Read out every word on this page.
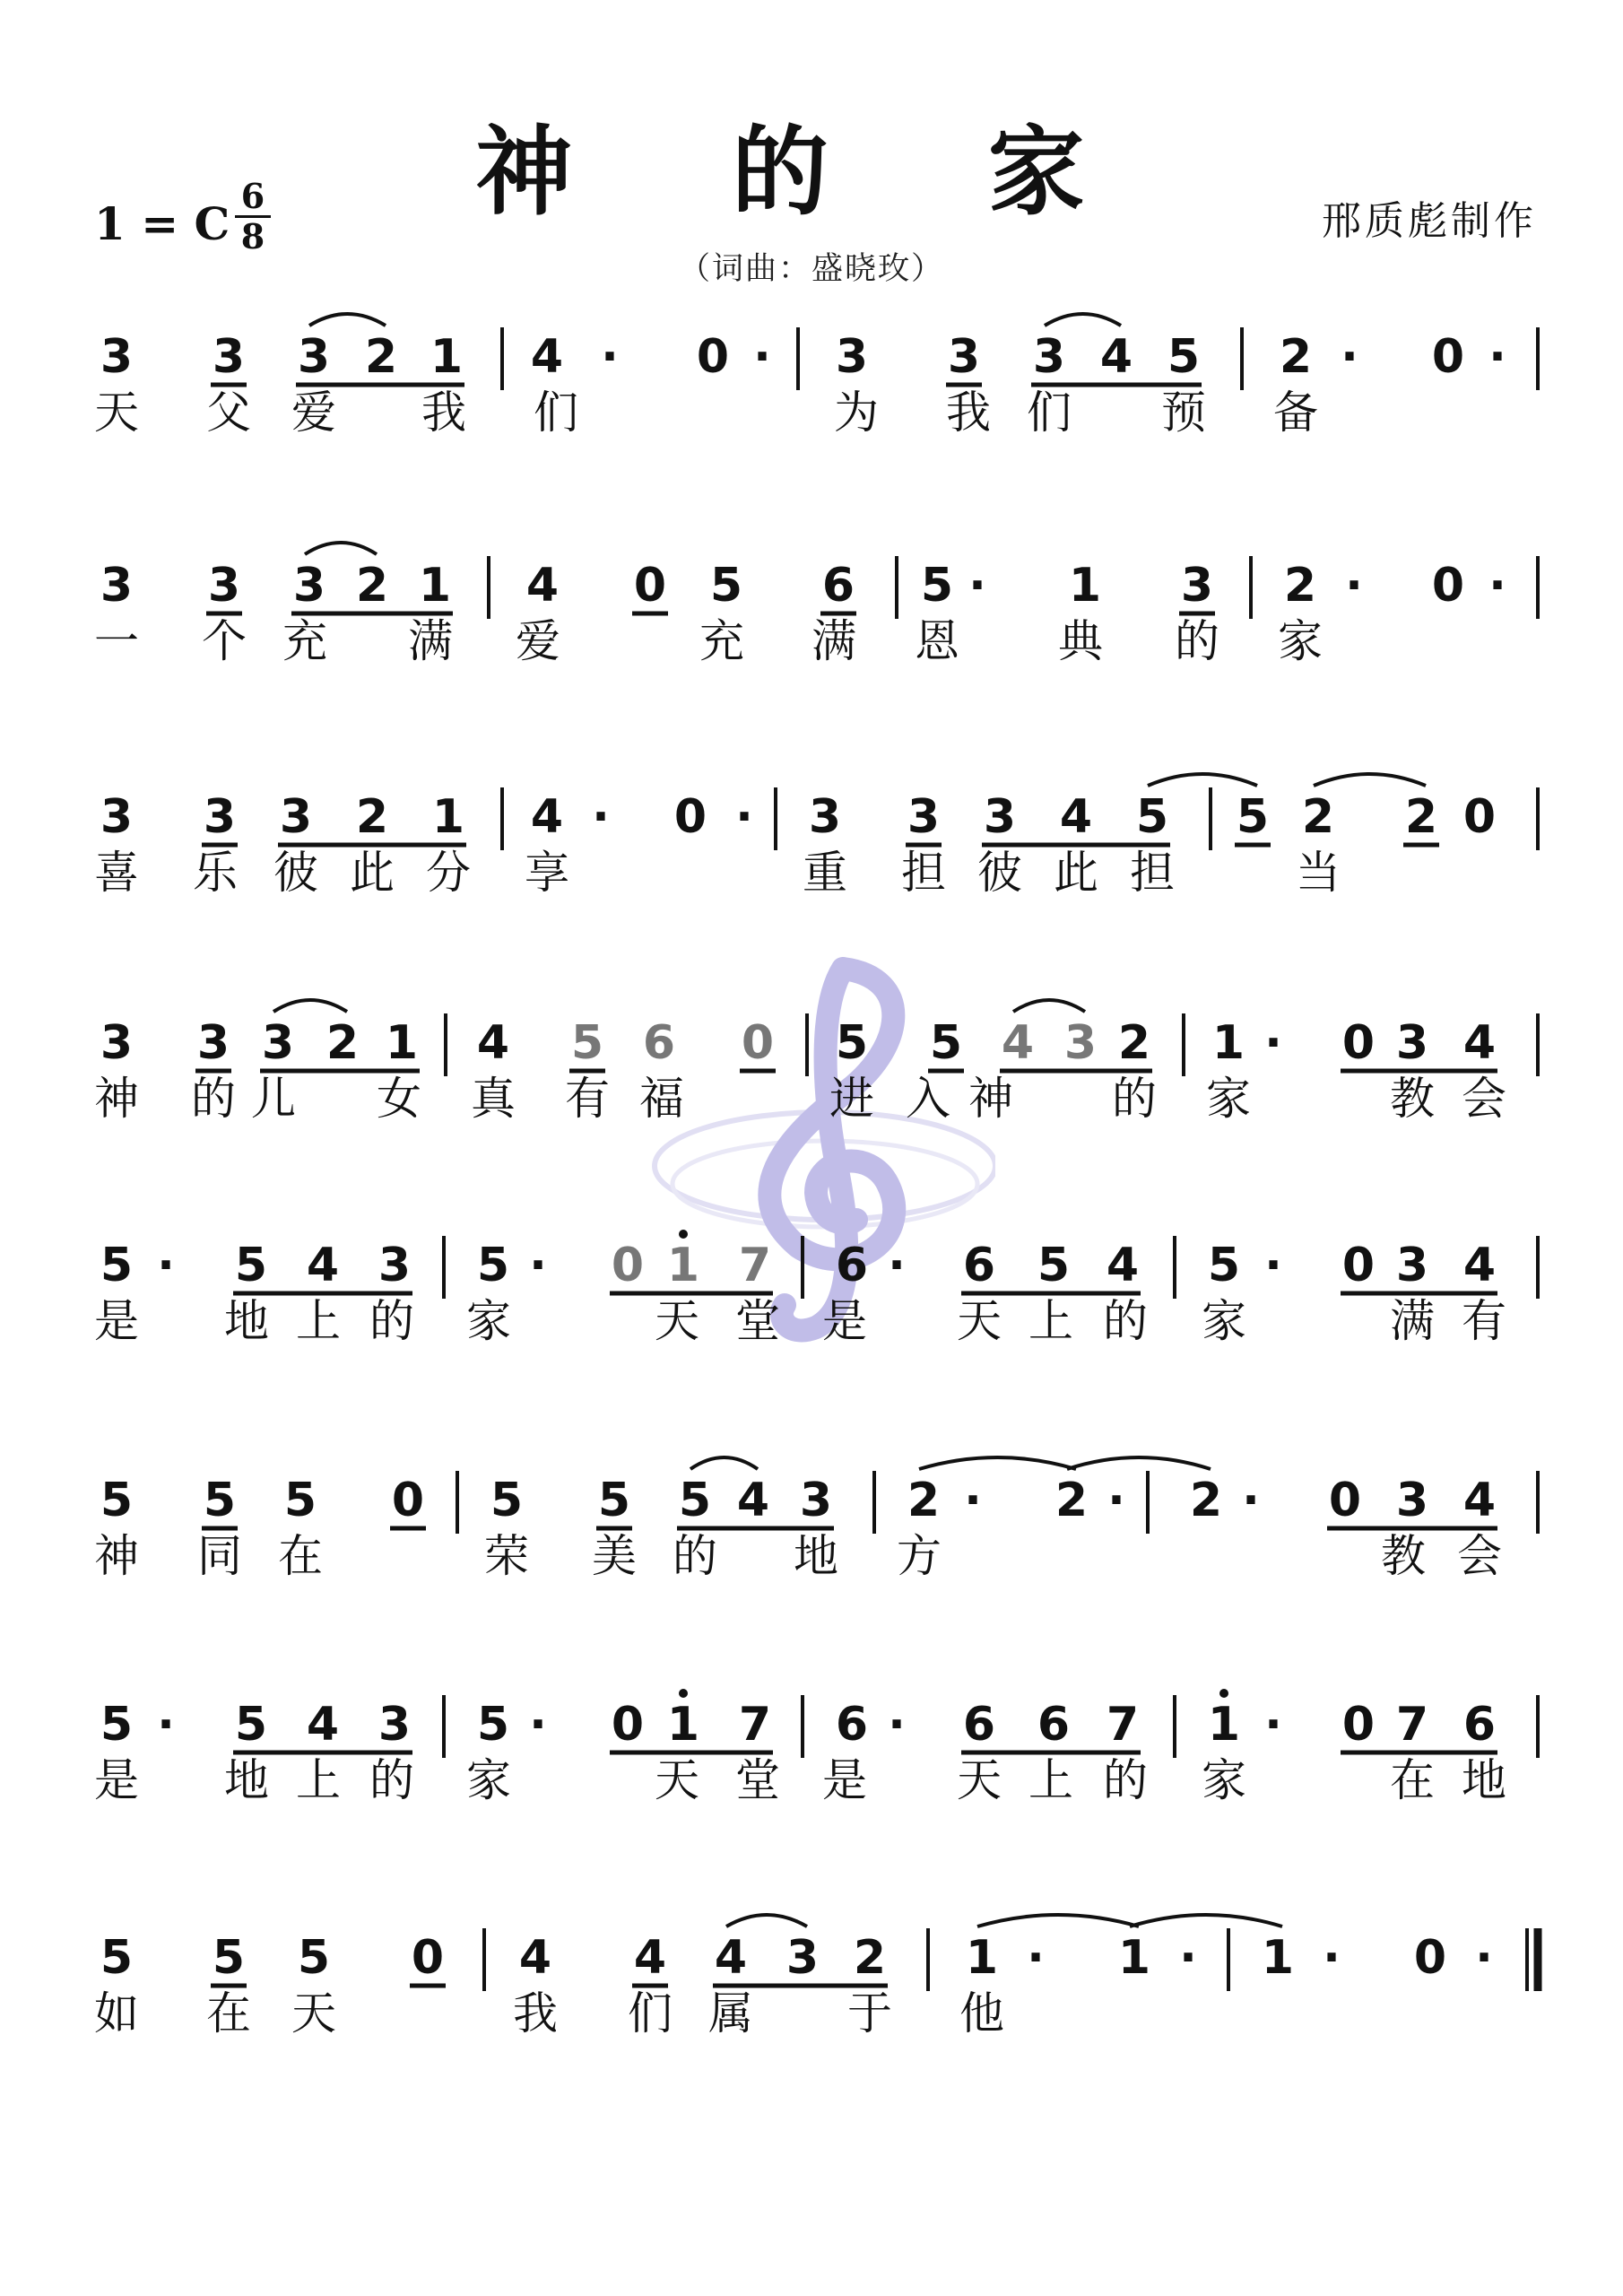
神 的 家
1 = C
6
8	邢质彪制作
（词曲：盛晓玫）
3 3 3 2 1 4 · 0 · 3 3 3 4 5 2 · 0 ·
天 父 爱 我 们	为 我 们 预 备
3 3 3 2 1 4 0 5 6 5 · 1 3 2 · 0 ·
一 个 充 满 爱	充 满 恩 典 的 家
3 3 3 2 1 4 · 0 · 3 3 3 4 5 5 2 2 0
喜 乐 彼 此 分 享	重 担 彼 此 担	当
3 3 3 2 1 4 5 6 0 5 5 4 3 2 1 · 0 3 4
神 的 儿 女 真 有 福	进 入 神 的 家	教 会
5 · 5 4 3 5 · 0 1 7 6 · 6 5 4 5 · 0 3 4
是 地 上 的 家	天 堂 是 天 上 的 家	满 有
5 5 5 0 5 5 5 4 3 2 · 2 · 2 · 0 3 4
神 同 在	荣 美 的 地 方	教 会
5 · 5 4 3 5 · 0 1 7 6 · 6 6 7 1 · 0 7 6
是 地 上 的 家	天 堂 是 天 上 的 家	在 地
5 5 5 0 4 4 4 3 2 1 · 1 · 1 · 0 ·
如 在 天	我 们 属 于 他
